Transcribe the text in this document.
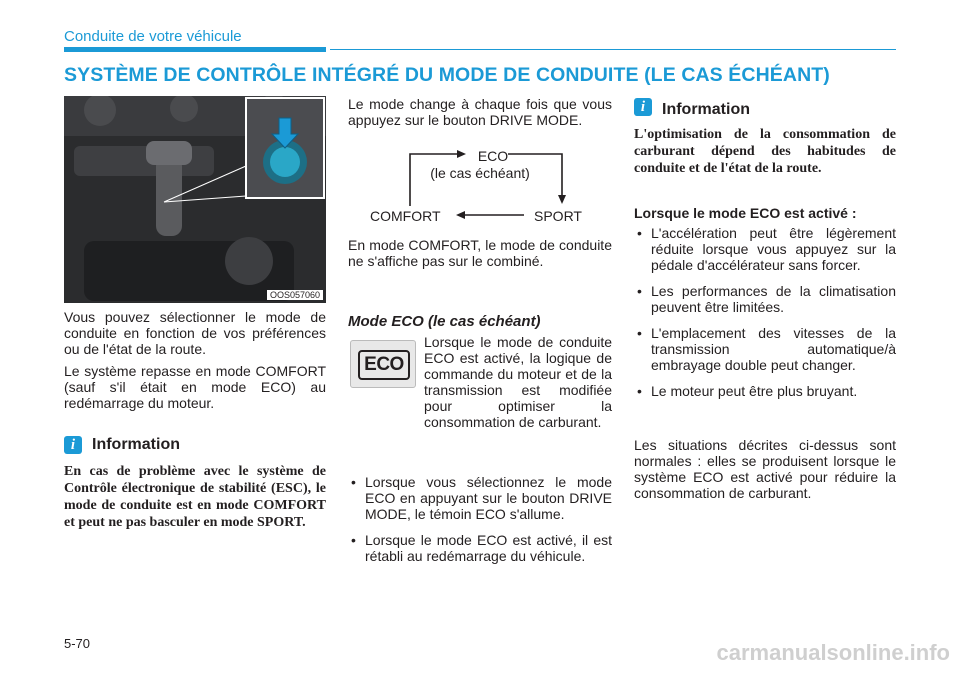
Conduite de votre véhicule
SYSTÈME DE CONTRÔLE INTÉGRÉ DU MODE DE CONDUITE (LE CAS ÉCHÉANT)
OOS057060

Vous pouvez sélectionner le mode de conduite en fonction de vos préférences ou de l'état de la route.

Le système repasse en mode COMFORT (sauf s'il était en mode ECO) au redémarrage du moteur.

i	Information

En cas de problème avec le système de Contrôle électronique de stabilité (ESC), le mode de conduite est en mode COMFORT et peut ne pas basculer en mode SPORT.

Le mode change à chaque fois que vous appuyez sur le bouton DRIVE MODE.

ECO
(le cas échéant)
COMFORT	SPORT

En mode COMFORT, le mode de conduite ne s'affiche pas sur le combiné.

Mode ECO (le cas échéant)
ECO

Lorsque le mode de conduite ECO est activé, la logique de commande du moteur et de la transmission est modifiée pour optimiser la consommation de carburant.

• Lorsque vous sélectionnez le mode ECO en appuyant sur le bouton DRIVE MODE, le témoin ECO s'allume.
• Lorsque le mode ECO est activé, il est rétabli au redémarrage du véhicule.
i	Information

L'optimisation de la consommation de carburant dépend des habitudes de conduite et de l'état de la route.

Lorsque le mode ECO est activé :
• L'accélération peut être légèrement réduite lorsque vous appuyez sur la pédale d'accélérateur sans forcer.
• Les performances de la climatisation peuvent être limitées.
• L'emplacement des vitesses de la transmission automatique/à embrayage double peut changer.
• Le moteur peut être plus bruyant.

Les situations décrites ci-dessus sont normales : elles se produisent lorsque le système ECO est activé pour réduire la consommation de carburant.

5-70	carmanualsonline.info
